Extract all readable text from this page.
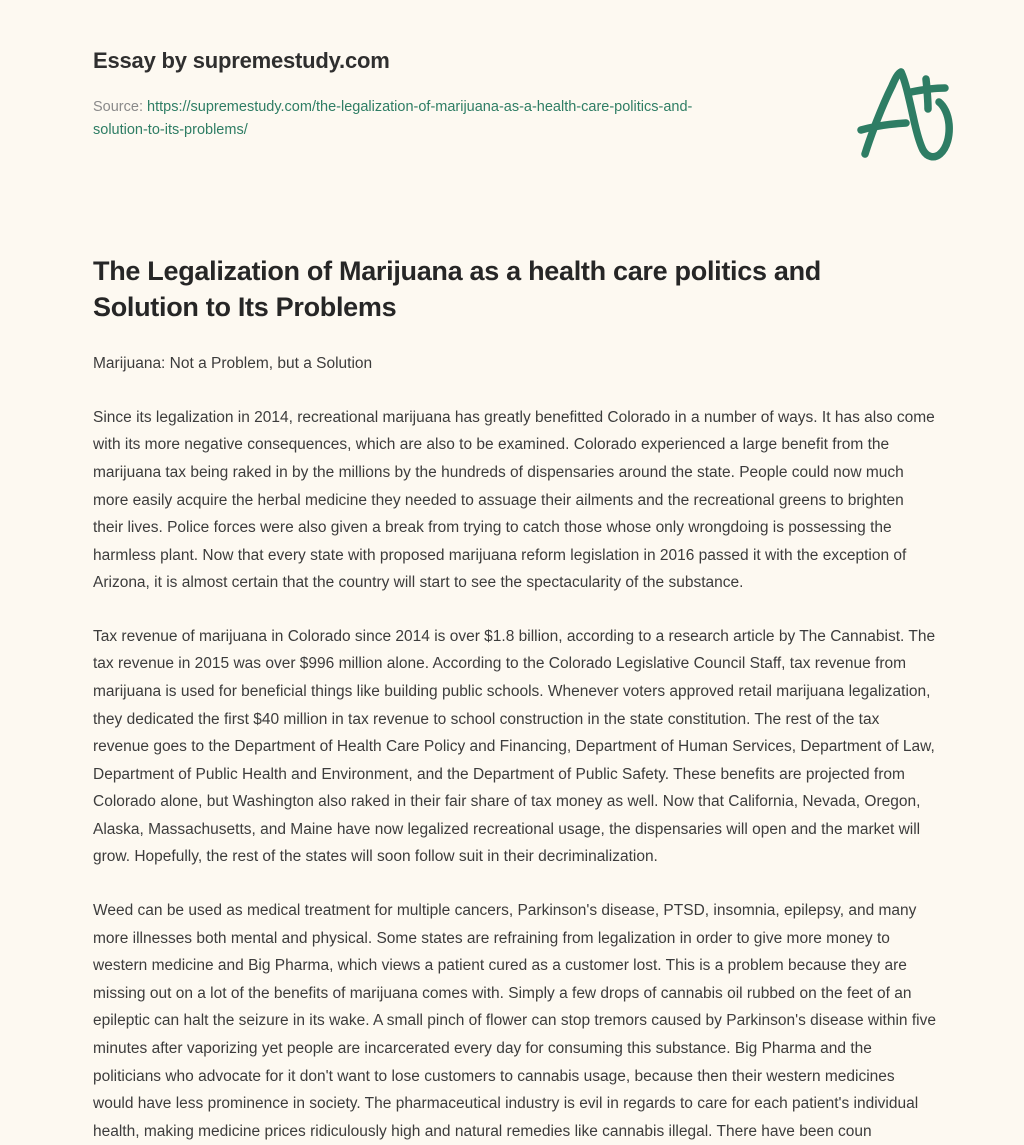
Essay by supremestudy.com
Source: https://supremestudy.com/the-legalization-of-marijuana-as-a-health-care-politics-and-solution-to-its-problems/
The Legalization of Marijuana as a health care politics and Solution to Its Problems

Marijuana: Not a Problem, but a Solution

Since its legalization in 2014, recreational marijuana has greatly benefitted Colorado in a number of ways. It has also come with its more negative consequences, which are also to be examined. Colorado experienced a large benefit from the marijuana tax being raked in by the millions by the hundreds of dispensaries around the state. People could now much more easily acquire the herbal medicine they needed to assuage their ailments and the recreational greens to brighten their lives. Police forces were also given a break from trying to catch those whose only wrongdoing is possessing the harmless plant. Now that every state with proposed marijuana reform legislation in 2016 passed it with the exception of Arizona, it is almost certain that the country will start to see the spectacularity of the substance.

Tax revenue of marijuana in Colorado since 2014 is over $1.8 billion, according to a research article by The Cannabist. The tax revenue in 2015 was over $996 million alone. According to the Colorado Legislative Council Staff, tax revenue from marijuana is used for beneficial things like building public schools. Whenever voters approved retail marijuana legalization, they dedicated the first $40 million in tax revenue to school construction in the state constitution. The rest of the tax revenue goes to the Department of Health Care Policy and Financing, Department of Human Services, Department of Law, Department of Public Health and Environment, and the Department of Public Safety. These benefits are projected from Colorado alone, but Washington also raked in their fair share of tax money as well. Now that California, Nevada, Oregon, Alaska, Massachusetts, and Maine have now legalized recreational usage, the dispensaries will open and the market will grow. Hopefully, the rest of the states will soon follow suit in their decriminalization.

Weed can be used as medical treatment for multiple cancers, Parkinson's disease, PTSD, insomnia, epilepsy, and many more illnesses both mental and physical. Some states are refraining from legalization in order to give more money to western medicine and Big Pharma, which views a patient cured as a customer lost. This is a problem because they are missing out on a lot of the benefits of marijuana comes with. Simply a few drops of cannabis oil rubbed on the feet of an epileptic can halt the seizure in its wake. A small pinch of flower can stop tremors caused by Parkinson's disease within five minutes after vaporizing yet people are incarcerated every day for consuming this substance. Big Pharma and the politicians who advocate for it don't want to lose customers to cannabis usage, because then their western medicines would have less prominence in society. The pharmaceutical industry is evil in regards to care for each patient's individual health, making medicine prices ridiculously high and natural remedies like cannabis illegal. There have been coun
